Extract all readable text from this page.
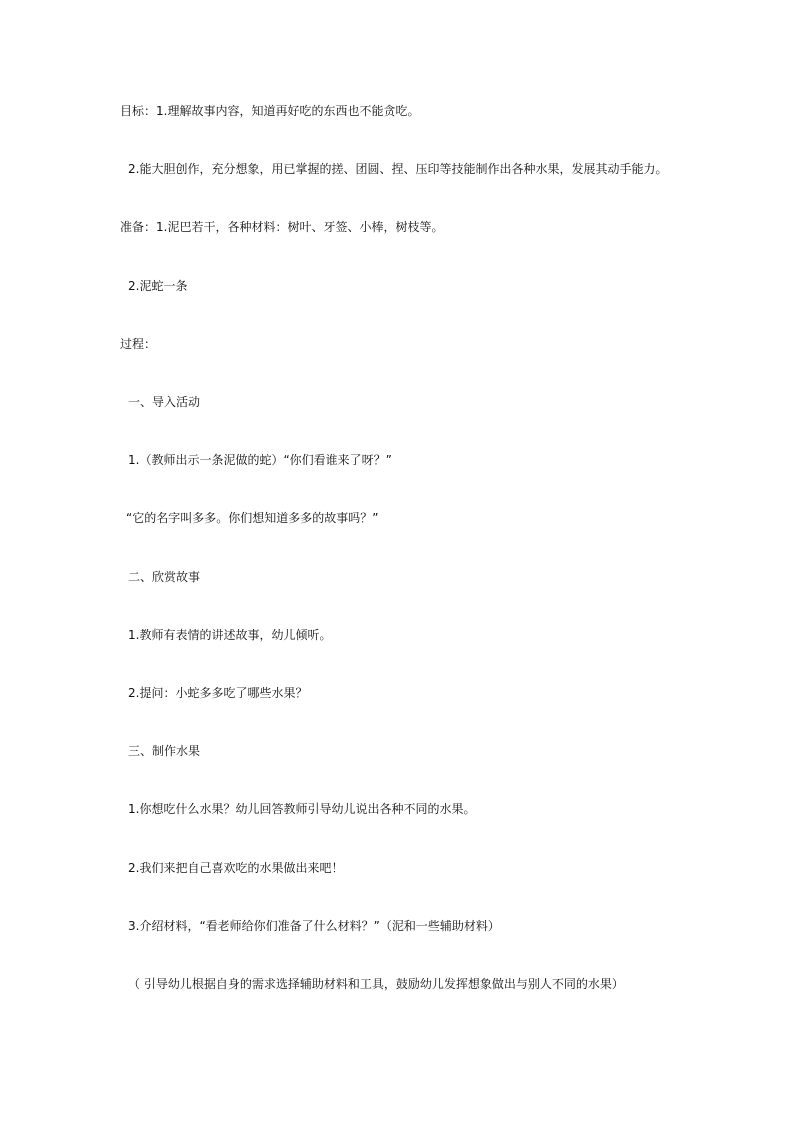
目标：1.理解故事内容，知道再好吃的东西也不能贪吃。
2.能大胆创作，充分想象，用已掌握的搓、团圆、捏、压印等技能制作出各种水果，发展其动手能力。
准备：1.泥巴若干，各种材料：树叶、牙签、小棒，树枝等。
2.泥蛇一条
过程：
一、导入活动
1.（教师出示一条泥做的蛇）“你们看谁来了呀？”
“它的名字叫多多。你们想知道多多的故事吗？”
二、欣赏故事
1.教师有表情的讲述故事，幼儿倾听。
2.提问：小蛇多多吃了哪些水果？
三、制作水果
1.你想吃什么水果？幼儿回答教师引导幼儿说出各种不同的水果。
2.我们来把自己喜欢吃的水果做出来吧！
3.介绍材料，“看老师给你们准备了什么材料？”（泥和一些辅助材料）
（ 引导幼儿根据自身的需求选择辅助材料和工具，鼓励幼儿发挥想象做出与别人不同的水果）
